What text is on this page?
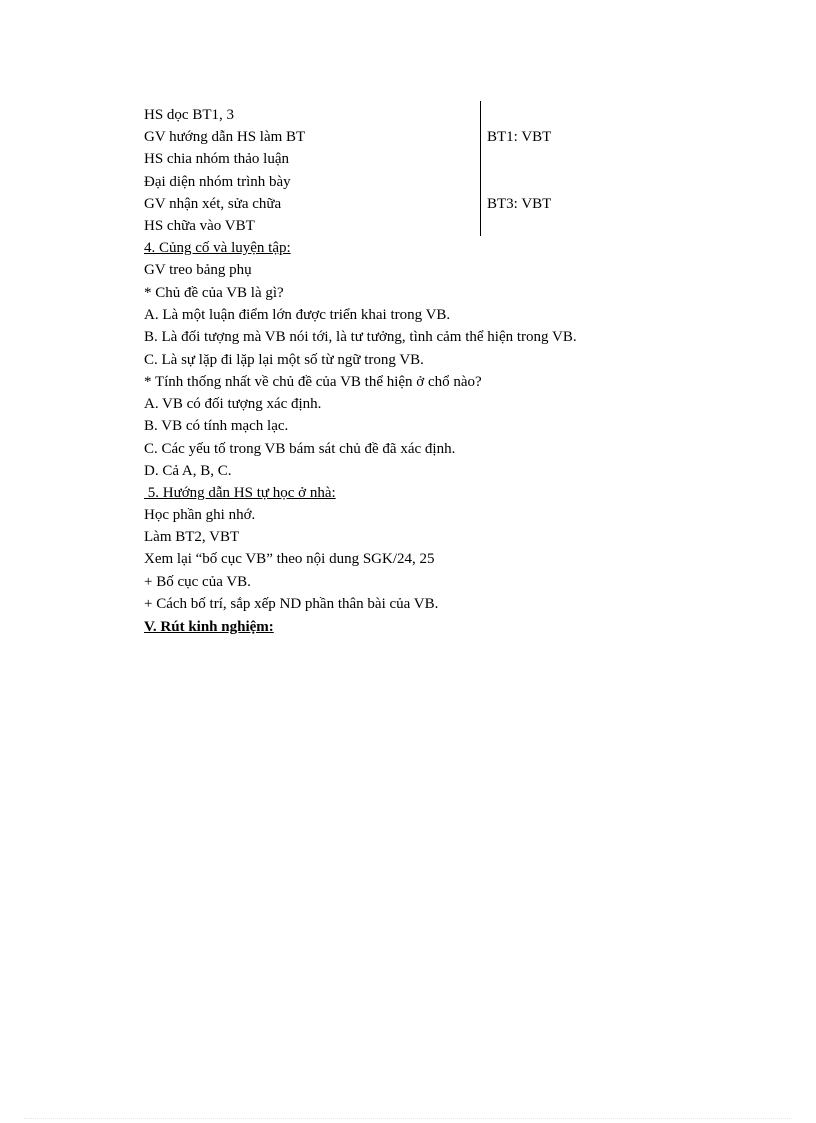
HS dọc BT1, 3
GV hướng dẫn HS làm BT
HS chia nhóm thảo luận
Đại diện nhóm trình bày
GV nhận xét, sửa chữa
HS chữa vào VBT
BT1: VBT
BT3: VBT
4. Củng cố và luyện tập:
GV treo bảng phụ
* Chủ đề của VB là gì?
A. Là một luận điểm lớn được triển khai trong VB.
B. Là đối tượng mà VB nói tới, là tư tưởng, tình cảm thể hiện trong VB.
C. Là sự lặp đi lặp lại một số từ ngữ trong VB.
* Tính thống nhất về chủ đề của VB thể hiện ở chổ nào?
A. VB có đối tượng xác định.
B. VB có tính mạch lạc.
C. Các yếu tố trong VB bám sát chủ đề đã xác định.
D. Cả A, B, C.
5. Hướng dẫn HS tự học ở nhà:
Học phần ghi nhớ.
Làm BT2, VBT
Xem lại “bố cục VB” theo nội dung SGK/24, 25
+ Bố cục của VB.
+ Cách bố trí, sắp xếp ND phần thân bài của VB.
V. Rút kinh nghiệm:
